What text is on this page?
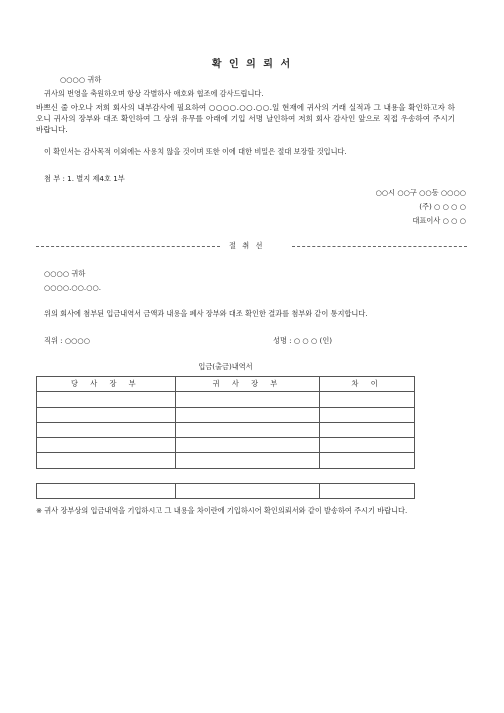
확 인 의 뢰 서
○○○○ 귀하
귀사의 번영을 축원하오며 항상 각별하사 애호와 협조에 감사드립니다.
바쁘신 줄 아오나 저희 회사의 내부감사에 필요하여 ○○○○.○○.○○.일 현재에 귀사의 거래 실적과 그 내용을 확인하고자 하오니 귀사의 장부와 대조 확인하여 그 상위 유무를 아래에 기입 서명 날인하여 저희 회사 감사인 앞으로 직접 우송하여 주시기 바랍니다.
이 확인서는 감사목적 이외에는 사용치 않을 것이며 또한 이에 대한 비밀은 절대 보장할 것입니다.
첨 부 : 1. 별지 제4호 1부
○○시 ○○구 ○○동 ○○○○
(주) ○ ○ ○ ○
대표이사 ○ ○ ○
절 취 선
○○○○ 귀하
○○○○.○○.○○.
위의 회사에 첨부된 입금내역서 금액과 내용을 폐사 장부와 대조 확인한 결과를 첨부와 같이 통지합니다.
직위 : ○○○○	성명 : ○ ○ ○ (인)
입금(출금)내역서
당 사 장 부	귀 사 장 부	차 이

※ 귀사 장부상의 입금내역을 기입하시고 그 내용을 차이란에 기입하시어 확인의뢰서와 같이 발송하여 주시기 바랍니다.
